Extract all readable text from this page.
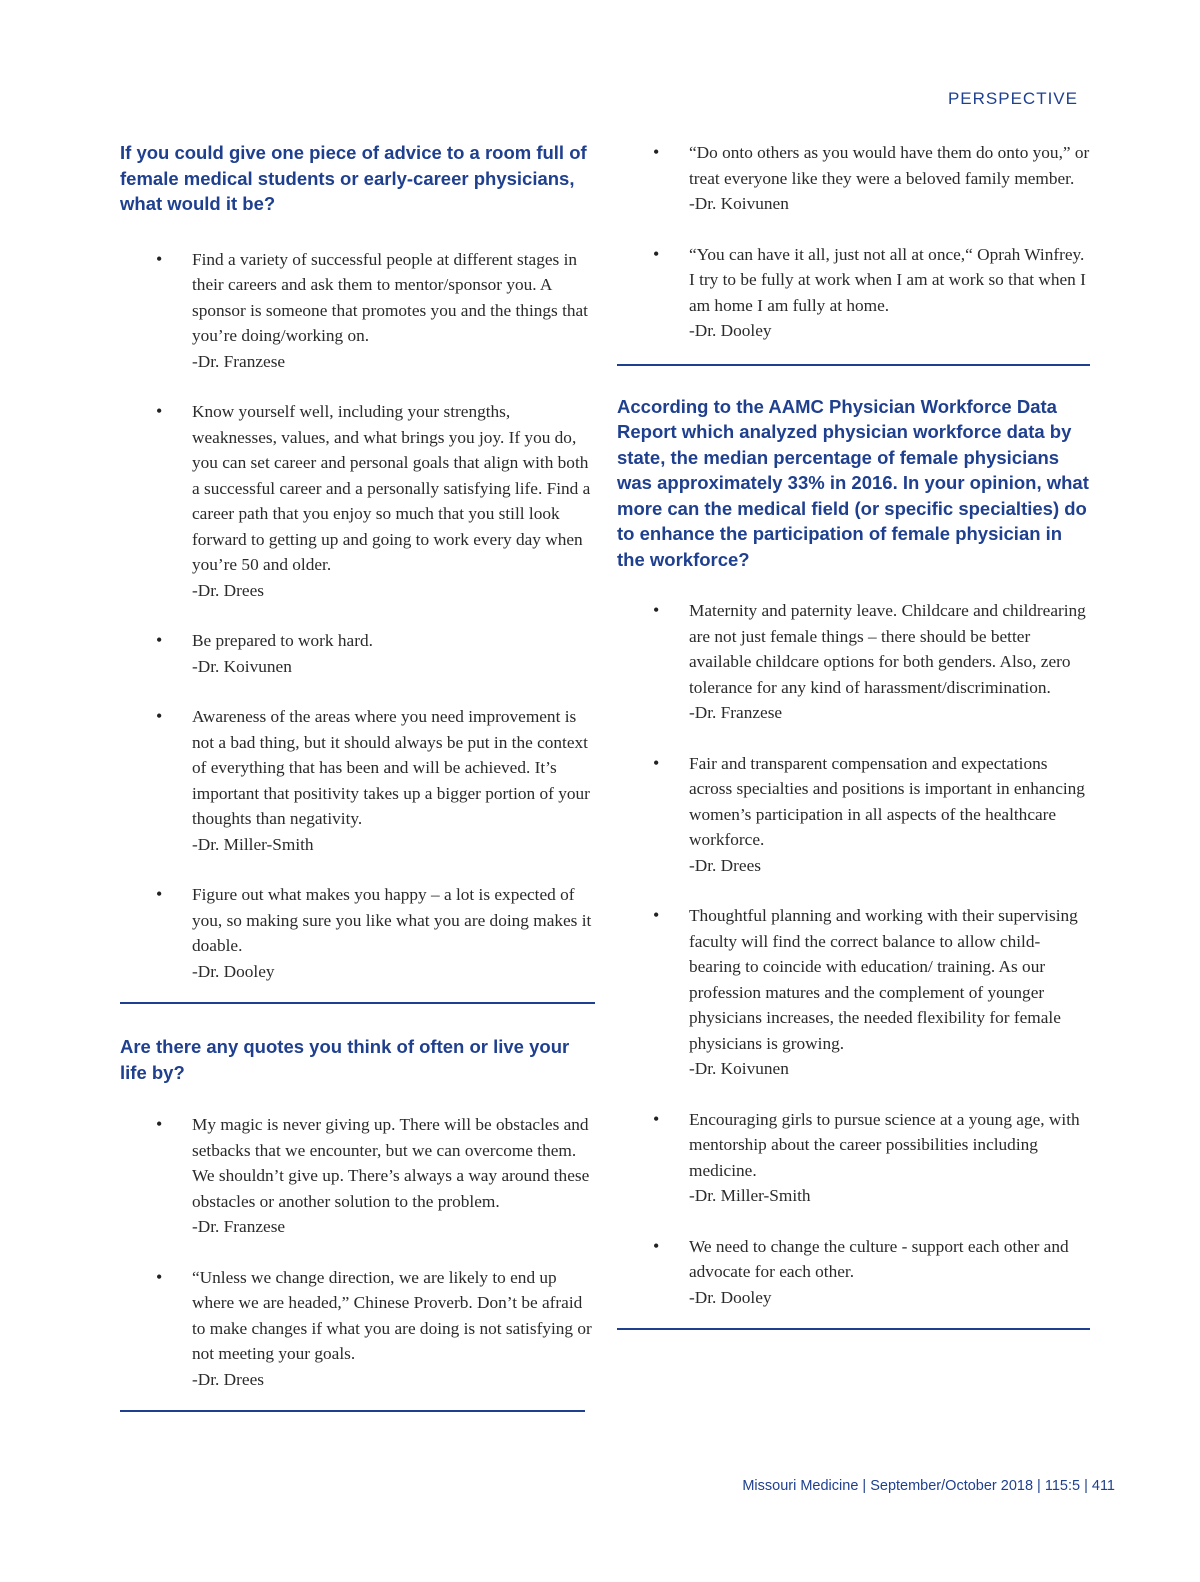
PERSPECTIVE
If you could give one piece of advice to a room full of female medical students or early-career physicians, what would it be?
• Find a variety of successful people at different stages in their careers and ask them to mentor/sponsor you. A sponsor is someone that promotes you and the things that you’re doing/working on.
-Dr. Franzese
• Know yourself well, including your strengths, weaknesses, values, and what brings you joy. If you do, you can set career and personal goals that align with both a successful career and a personally satisfying life. Find a career path that you enjoy so much that you still look forward to getting up and going to work every day when you’re 50 and older.
-Dr. Drees
• Be prepared to work hard.
-Dr. Koivunen
• Awareness of the areas where you need improvement is not a bad thing, but it should always be put in the context of everything that has been and will be achieved. It’s important that positivity takes up a bigger portion of your thoughts than negativity.
-Dr. Miller-Smith
• Figure out what makes you happy – a lot is expected of you, so making sure you like what you are doing makes it doable.
-Dr. Dooley
Are there any quotes you think of often or live your life by?
• My magic is never giving up. There will be obstacles and setbacks that we encounter, but we can overcome them. We shouldn’t give up. There’s always a way around these obstacles or another solution to the problem.
-Dr. Franzese
• “Unless we change direction, we are likely to end up where we are headed,” Chinese Proverb. Don’t be afraid to make changes if what you are doing is not satisfying or not meeting your goals.
-Dr. Drees
• “Do onto others as you would have them do onto you,” or treat everyone like they were a beloved family member.
-Dr. Koivunen
• “You can have it all, just not all at once,“ Oprah Winfrey. I try to be fully at work when I am at work so that when I am home I am fully at home.
-Dr. Dooley
According to the AAMC Physician Workforce Data Report which analyzed physician workforce data by state, the median percentage of female physicians was approximately 33% in 2016. In your opinion, what more can the medical field (or specific specialties) do to enhance the participation of female physician in the workforce?
• Maternity and paternity leave. Childcare and childrearing are not just female things – there should be better available childcare options for both genders. Also, zero tolerance for any kind of harassment/discrimination.
-Dr. Franzese
• Fair and transparent compensation and expectations across specialties and positions is important in enhancing women’s participation in all aspects of the healthcare workforce.
-Dr. Drees
• Thoughtful planning and working with their supervising faculty will find the correct balance to allow child-bearing to coincide with education/ training. As our profession matures and the complement of younger physicians increases, the needed flexibility for female physicians is growing.
-Dr. Koivunen
• Encouraging girls to pursue science at a young age, with mentorship about the career possibilities including medicine.
-Dr. Miller-Smith
• We need to change the culture - support each other and advocate for each other.
-Dr. Dooley
Missouri Medicine | September/October 2018 | 115:5 | 411
